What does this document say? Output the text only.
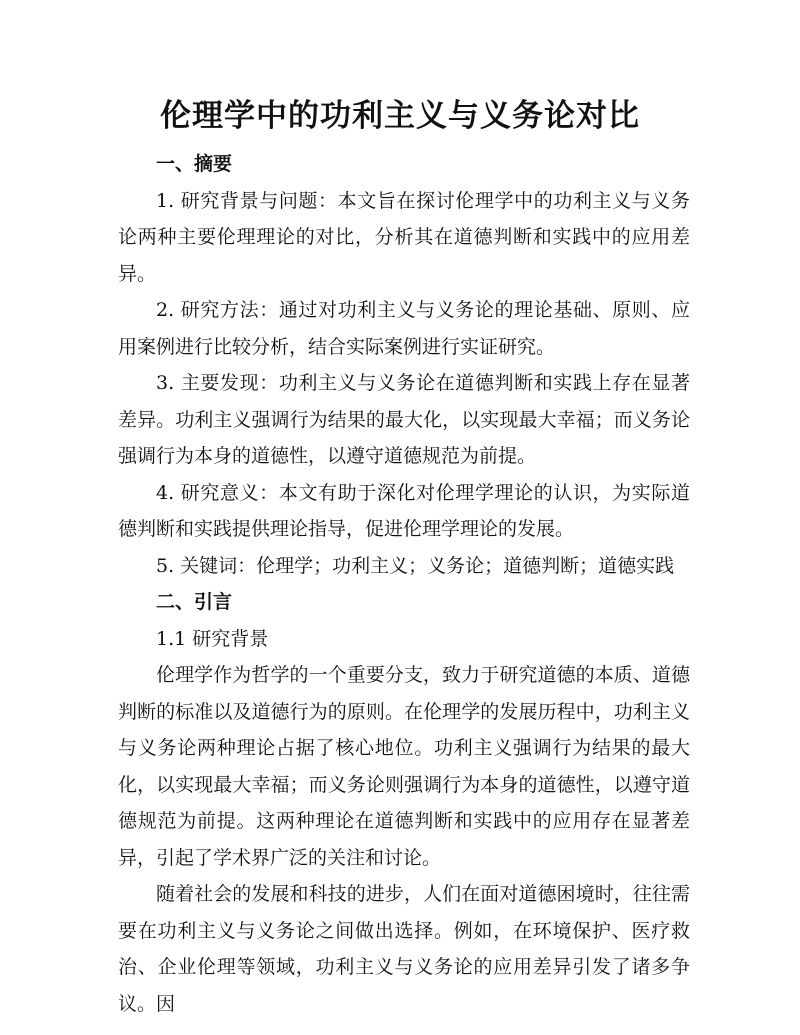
伦理学中的功利主义与义务论对比
一、摘要

1. 研究背景与问题：本文旨在探讨伦理学中的功利主义与义务论两种主要伦理理论的对比，分析其在道德判断和实践中的应用差异。

2. 研究方法：通过对功利主义与义务论的理论基础、原则、应用案例进行比较分析，结合实际案例进行实证研究。

3. 主要发现：功利主义与义务论在道德判断和实践上存在显著差异。功利主义强调行为结果的最大化，以实现最大幸福；而义务论强调行为本身的道德性，以遵守道德规范为前提。

4. 研究意义：本文有助于深化对伦理学理论的认识，为实际道德判断和实践提供理论指导，促进伦理学理论的发展。

5. 关键词：伦理学；功利主义；义务论；道德判断；道德实践

二、引言
1.1 研究背景

伦理学作为哲学的一个重要分支，致力于研究道德的本质、道德判断的标准以及道德行为的原则。在伦理学的发展历程中，功利主义与义务论两种理论占据了核心地位。功利主义强调行为结果的最大化，以实现最大幸福；而义务论则强调行为本身的道德性，以遵守道德规范为前提。这两种理论在道德判断和实践中的应用存在显著差异，引起了学术界广泛的关注和讨论。

随着社会的发展和科技的进步，人们在面对道德困境时，往往需要在功利主义与义务论之间做出选择。例如，在环境保护、医疗救治、企业伦理等领域，功利主义与义务论的应用差异引发了诸多争议。因
